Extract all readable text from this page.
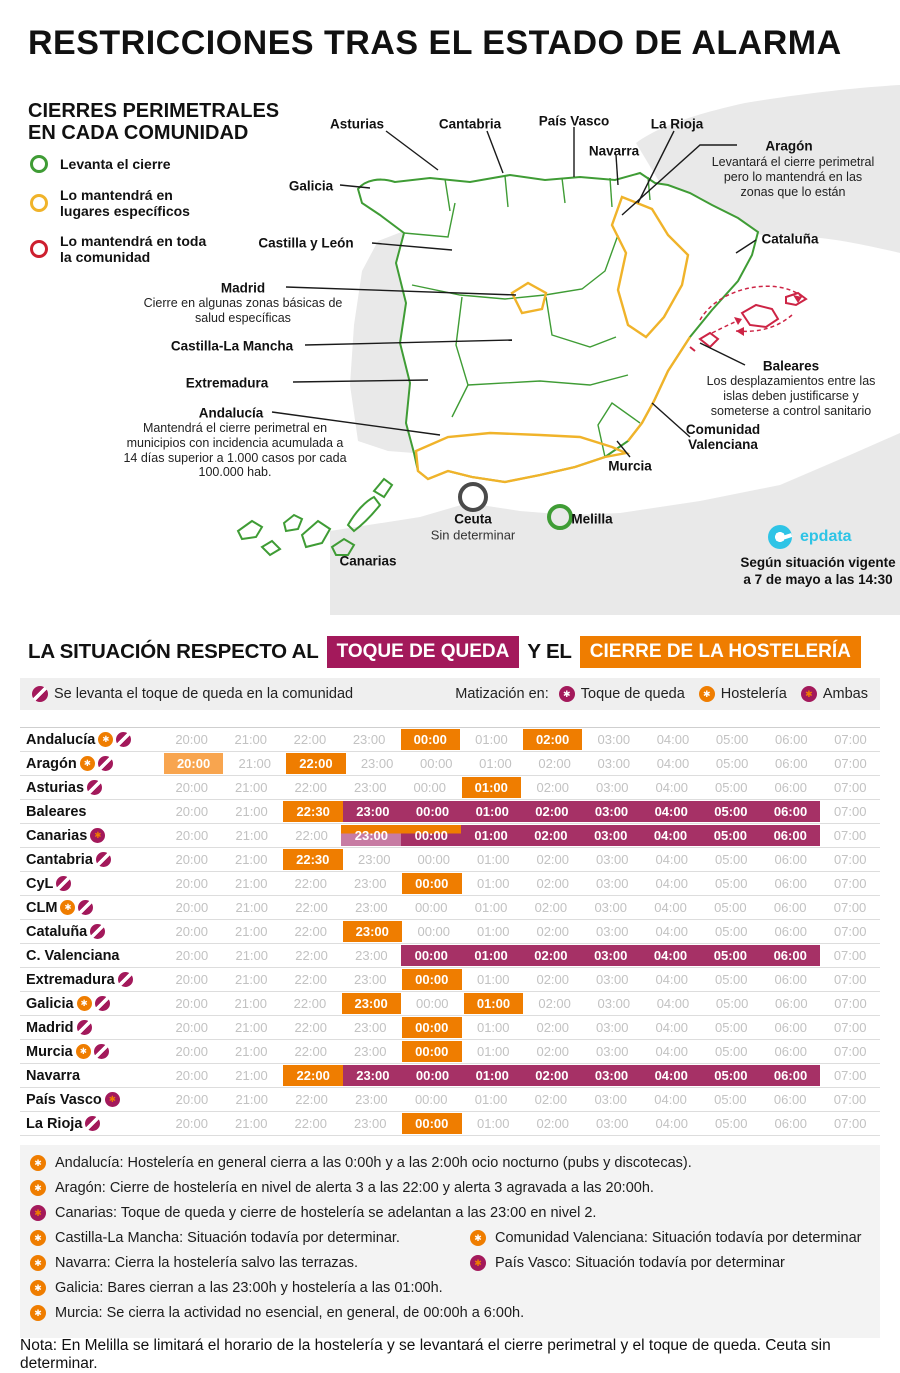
RESTRICCIONES TRAS EL ESTADO DE ALARMA
CIERRES PERIMETRALES
EN CADA COMUNIDAD
Levanta el cierre
Lo mantendrá en lugares específicos
Lo mantendrá en toda la comunidad
Asturias	Cantabria	País Vasco	La Rioja
Navarra	Aragón
Levantará el cierre perimetral pero lo mantendrá en las zonas que lo están
Galicia
Castilla y León	Cataluña
Madrid
Cierre en algunas zonas básicas de salud específicas
Castilla-La Mancha
Extremadura
Andalucía
Mantendrá el cierre perimetral en municipios con incidencia acumulada a 14 días superior a 1.000 casos por cada 100.000 hab.
Baleares
Los desplazamientos entre las islas deben justificarse y someterse a control sanitario
Comunidad
Valenciana
Murcia
Ceuta
Sin determinar
Melilla
Canarias
epdata
Según situación vigente a 7 de mayo a las 14:30
LA SITUACIÓN RESPECTO AL TOQUE DE QUEDA Y EL CIERRE DE LA HOSTELERÍA
Se levanta el toque de queda en la comunidad	Matización en:	✱ Toque de queda	✱ Hostelería	✱ Ambas
Andalucía ✱	20:00	21:00	22:00	23:00	00:00	01:00	02:00	03:00	04:00	05:00	06:00	07:00
Aragón ✱	20:00	21:00	22:00	23:00	00:00	01:00	02:00	03:00	04:00	05:00	06:00	07:00
Asturias	20:00	21:00	22:00	23:00	00:00	01:00	02:00	03:00	04:00	05:00	06:00	07:00
Baleares	20:00	21:00	22:30	23:00	00:00	01:00	02:00	03:00	04:00	05:00	06:00	07:00
Canarias ✱	20:00	21:00	22:00	23:00	00:00	01:00	02:00	03:00	04:00	05:00	06:00	07:00
Cantabria	20:00	21:00	22:30	23:00	00:00	01:00	02:00	03:00	04:00	05:00	06:00	07:00
CyL	20:00	21:00	22:00	23:00	00:00	01:00	02:00	03:00	04:00	05:00	06:00	07:00
CLM ✱	20:00	21:00	22:00	23:00	00:00	01:00	02:00	03:00	04:00	05:00	06:00	07:00
Cataluña	20:00	21:00	22:00	23:00	00:00	01:00	02:00	03:00	04:00	05:00	06:00	07:00
C. Valenciana	20:00	21:00	22:00	23:00	00:00	01:00	02:00	03:00	04:00	05:00	06:00	07:00
Extremadura	20:00	21:00	22:00	23:00	00:00	01:00	02:00	03:00	04:00	05:00	06:00	07:00
Galicia ✱	20:00	21:00	22:00	23:00	00:00	01:00	02:00	03:00	04:00	05:00	06:00	07:00
Madrid	20:00	21:00	22:00	23:00	00:00	01:00	02:00	03:00	04:00	05:00	06:00	07:00
Murcia ✱	20:00	21:00	22:00	23:00	00:00	01:00	02:00	03:00	04:00	05:00	06:00	07:00
Navarra	20:00	21:00	22:00	23:00	00:00	01:00	02:00	03:00	04:00	05:00	06:00	07:00
País Vasco ✱	20:00	21:00	22:00	23:00	00:00	01:00	02:00	03:00	04:00	05:00	06:00	07:00
La Rioja	20:00	21:00	22:00	23:00	00:00	01:00	02:00	03:00	04:00	05:00	06:00	07:00
✱ Andalucía: Hostelería en general cierra a las 0:00h y a las 2:00h ocio nocturno (pubs y discotecas).
✱ Aragón: Cierre de hostelería en nivel de alerta 3 a las 22:00 y alerta 3 agravada a las 20:00h.
✱ Canarias: Toque de queda y cierre de hostelería se adelantan a las 23:00 en nivel 2.
✱ Castilla-La Mancha: Situación todavía por determinar.	✱ Comunidad Valenciana: Situación todavía por determinar
✱ Navarra: Cierra la hostelería salvo las terrazas.	✱ País Vasco: Situación todavía por determinar
✱ Galicia: Bares cierran a las 23:00h y hostelería a las 01:00h.
✱ Murcia: Se cierra la actividad no esencial, en general, de 00:00h a 6:00h.
Nota: En Melilla se limitará el horario de la hostelería y se levantará el cierre perimetral y el toque de queda. Ceuta sin determinar.
